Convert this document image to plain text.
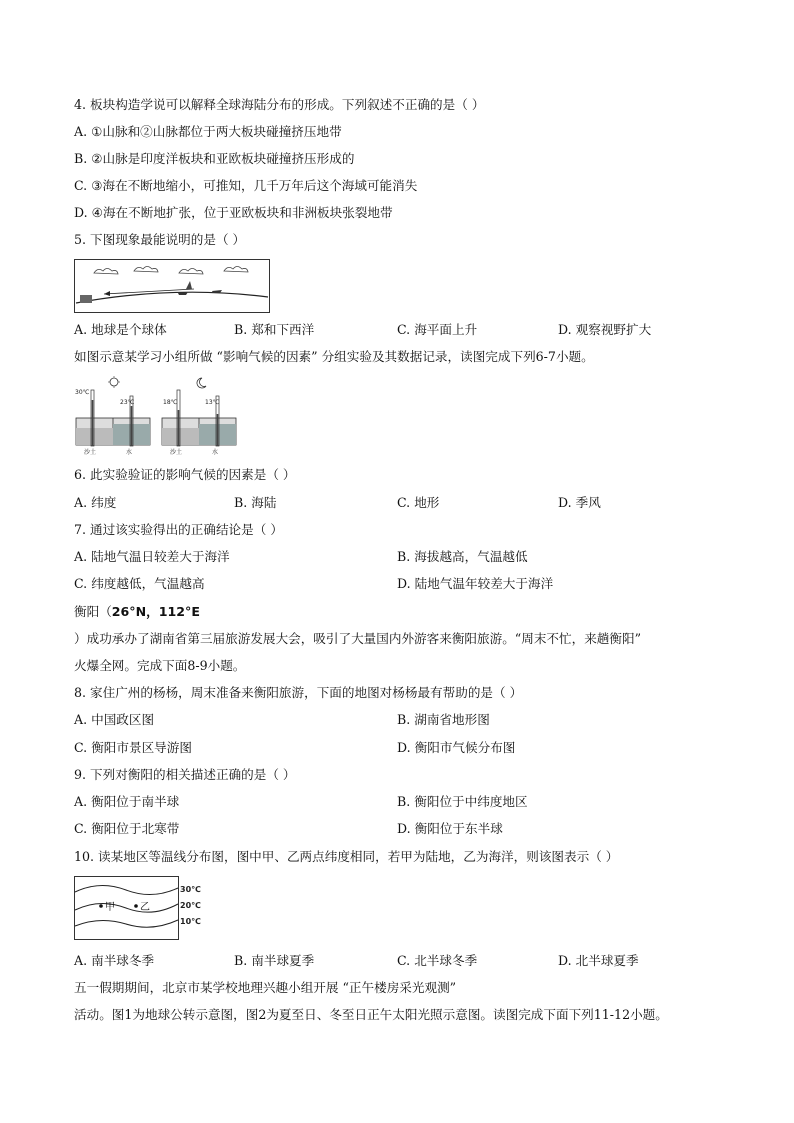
4. 板块构造学说可以解释全球海陆分布的形成。下列叙述不正确的是（ ）
A. ①山脉和②山脉都位于两大板块碰撞挤压地带
B. ②山脉是印度洋板块和亚欧板块碰撞挤压形成的
C. ③海在不断地缩小，可推知，几千万年后这个海域可能消失
D. ④海在不断地扩张，位于亚欧板块和非洲板块张裂地带
5. 下图现象最能说明的是（ ）
A. 地球是个球体	B. 郑和下西洋	C. 海平面上升	D. 观察视野扩大
如图示意某学习小组所做 “影响气候的因素” 分组实验及其数据记录，读图完成下列6-7小题。
30℃
23℃
沙土	水
18℃	13℃
沙土	水
6. 此实验验证的影响气候的因素是（ ）
A. 纬度	B. 海陆	C. 地形	D. 季风
7. 通过该实验得出的正确结论是（ ）
A. 陆地气温日较差大于海洋	B. 海拔越高，气温越低
C. 纬度越低，气温越高	D. 陆地气温年较差大于海洋
衡阳（26°N，112°E
）成功承办了湖南省第三届旅游发展大会，吸引了大量国内外游客来衡阳旅游。“周末不忙，来趟衡阳”
火爆全网。完成下面8-9小题。
8. 家住广州的杨杨，周末准备来衡阳旅游，下面的地图对杨杨最有帮助的是（ ）
A. 中国政区图	B. 湖南省地形图
C. 衡阳市景区导游图	D. 衡阳市气候分布图
9. 下列对衡阳的相关描述正确的是（ ）
A. 衡阳位于南半球	B. 衡阳位于中纬度地区
C. 衡阳位于北寒带	D. 衡阳位于东半球
10. 读某地区等温线分布图，图中甲、乙两点纬度相同，若甲为陆地，乙为海洋，则该图表示（ ）
甲	乙
30℃
20℃
10℃
A. 南半球冬季	B. 南半球夏季	C. 北半球冬季	D. 北半球夏季
五一假期期间，北京市某学校地理兴趣小组开展 “正午楼房采光观测”
活动。图1为地球公转示意图，图2为夏至日、冬至日正午太阳光照示意图。读图完成下面下列11-12小题。
